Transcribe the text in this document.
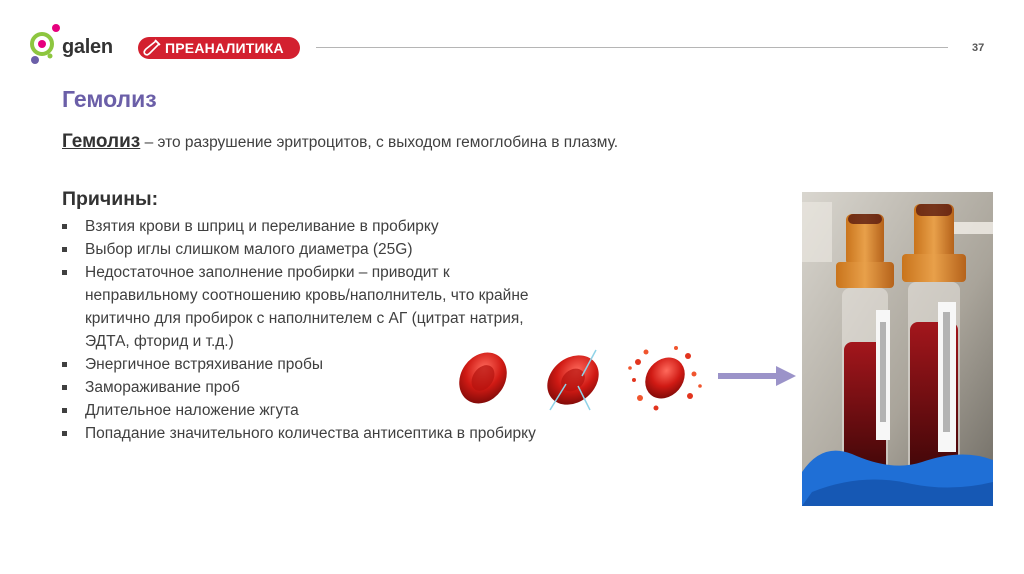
galen	ПРЕАНАЛИТИКА	37
Гемолиз
Гемолиз – это разрушение эритроцитов, с выходом гемоглобина в плазму.
Причины:
Взятия крови в шприц и переливание в пробирку
Выбор иглы слишком малого диаметра (25G)
Недостаточное заполнение пробирки – приводит к неправильному соотношению кровь/наполнитель, что крайне критично для пробирок с наполнителем с АГ (цитрат натрия, ЭДТА, фторид и т.д.)
Энергичное встряхивание пробы
Замораживание проб
Длительное наложение жгута
Попадание значительного количества антисептика в пробирку
